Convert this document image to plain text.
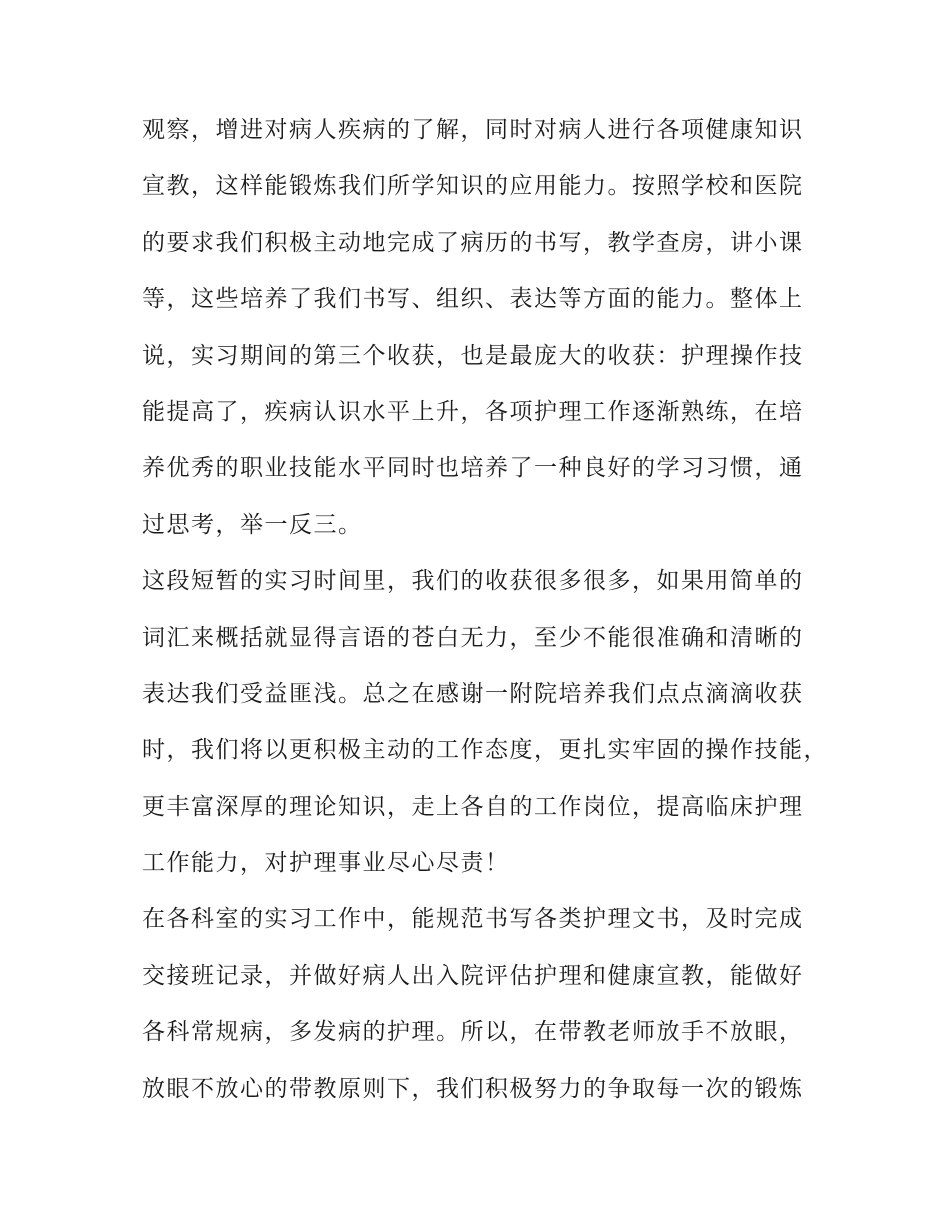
观察，增进对病人疾病的了解，同时对病人进行各项健康知识
宣教，这样能锻炼我们所学知识的应用能力。按照学校和医院
的要求我们积极主动地完成了病历的书写，教学查房，讲小课
等，这些培养了我们书写、组织、表达等方面的能力。整体上
说，实习期间的第三个收获，也是最庞大的收获：护理操作技
能提高了，疾病认识水平上升，各项护理工作逐渐熟练，在培
养优秀的职业技能水平同时也培养了一种良好的学习习惯，通
过思考，举一反三。
这段短暂的实习时间里，我们的收获很多很多，如果用简单的
词汇来概括就显得言语的苍白无力，至少不能很准确和清晰的
表达我们受益匪浅。总之在感谢一附院培养我们点点滴滴收获
时，我们将以更积极主动的工作态度，更扎实牢固的操作技能，
更丰富深厚的理论知识，走上各自的工作岗位，提高临床护理
工作能力，对护理事业尽心尽责！
在各科室的实习工作中，能规范书写各类护理文书，及时完成
交接班记录，并做好病人出入院评估护理和健康宣教，能做好
各科常规病，多发病的护理。所以，在带教老师放手不放眼，
放眼不放心的带教原则下，我们积极努力的争取每一次的锻炼
